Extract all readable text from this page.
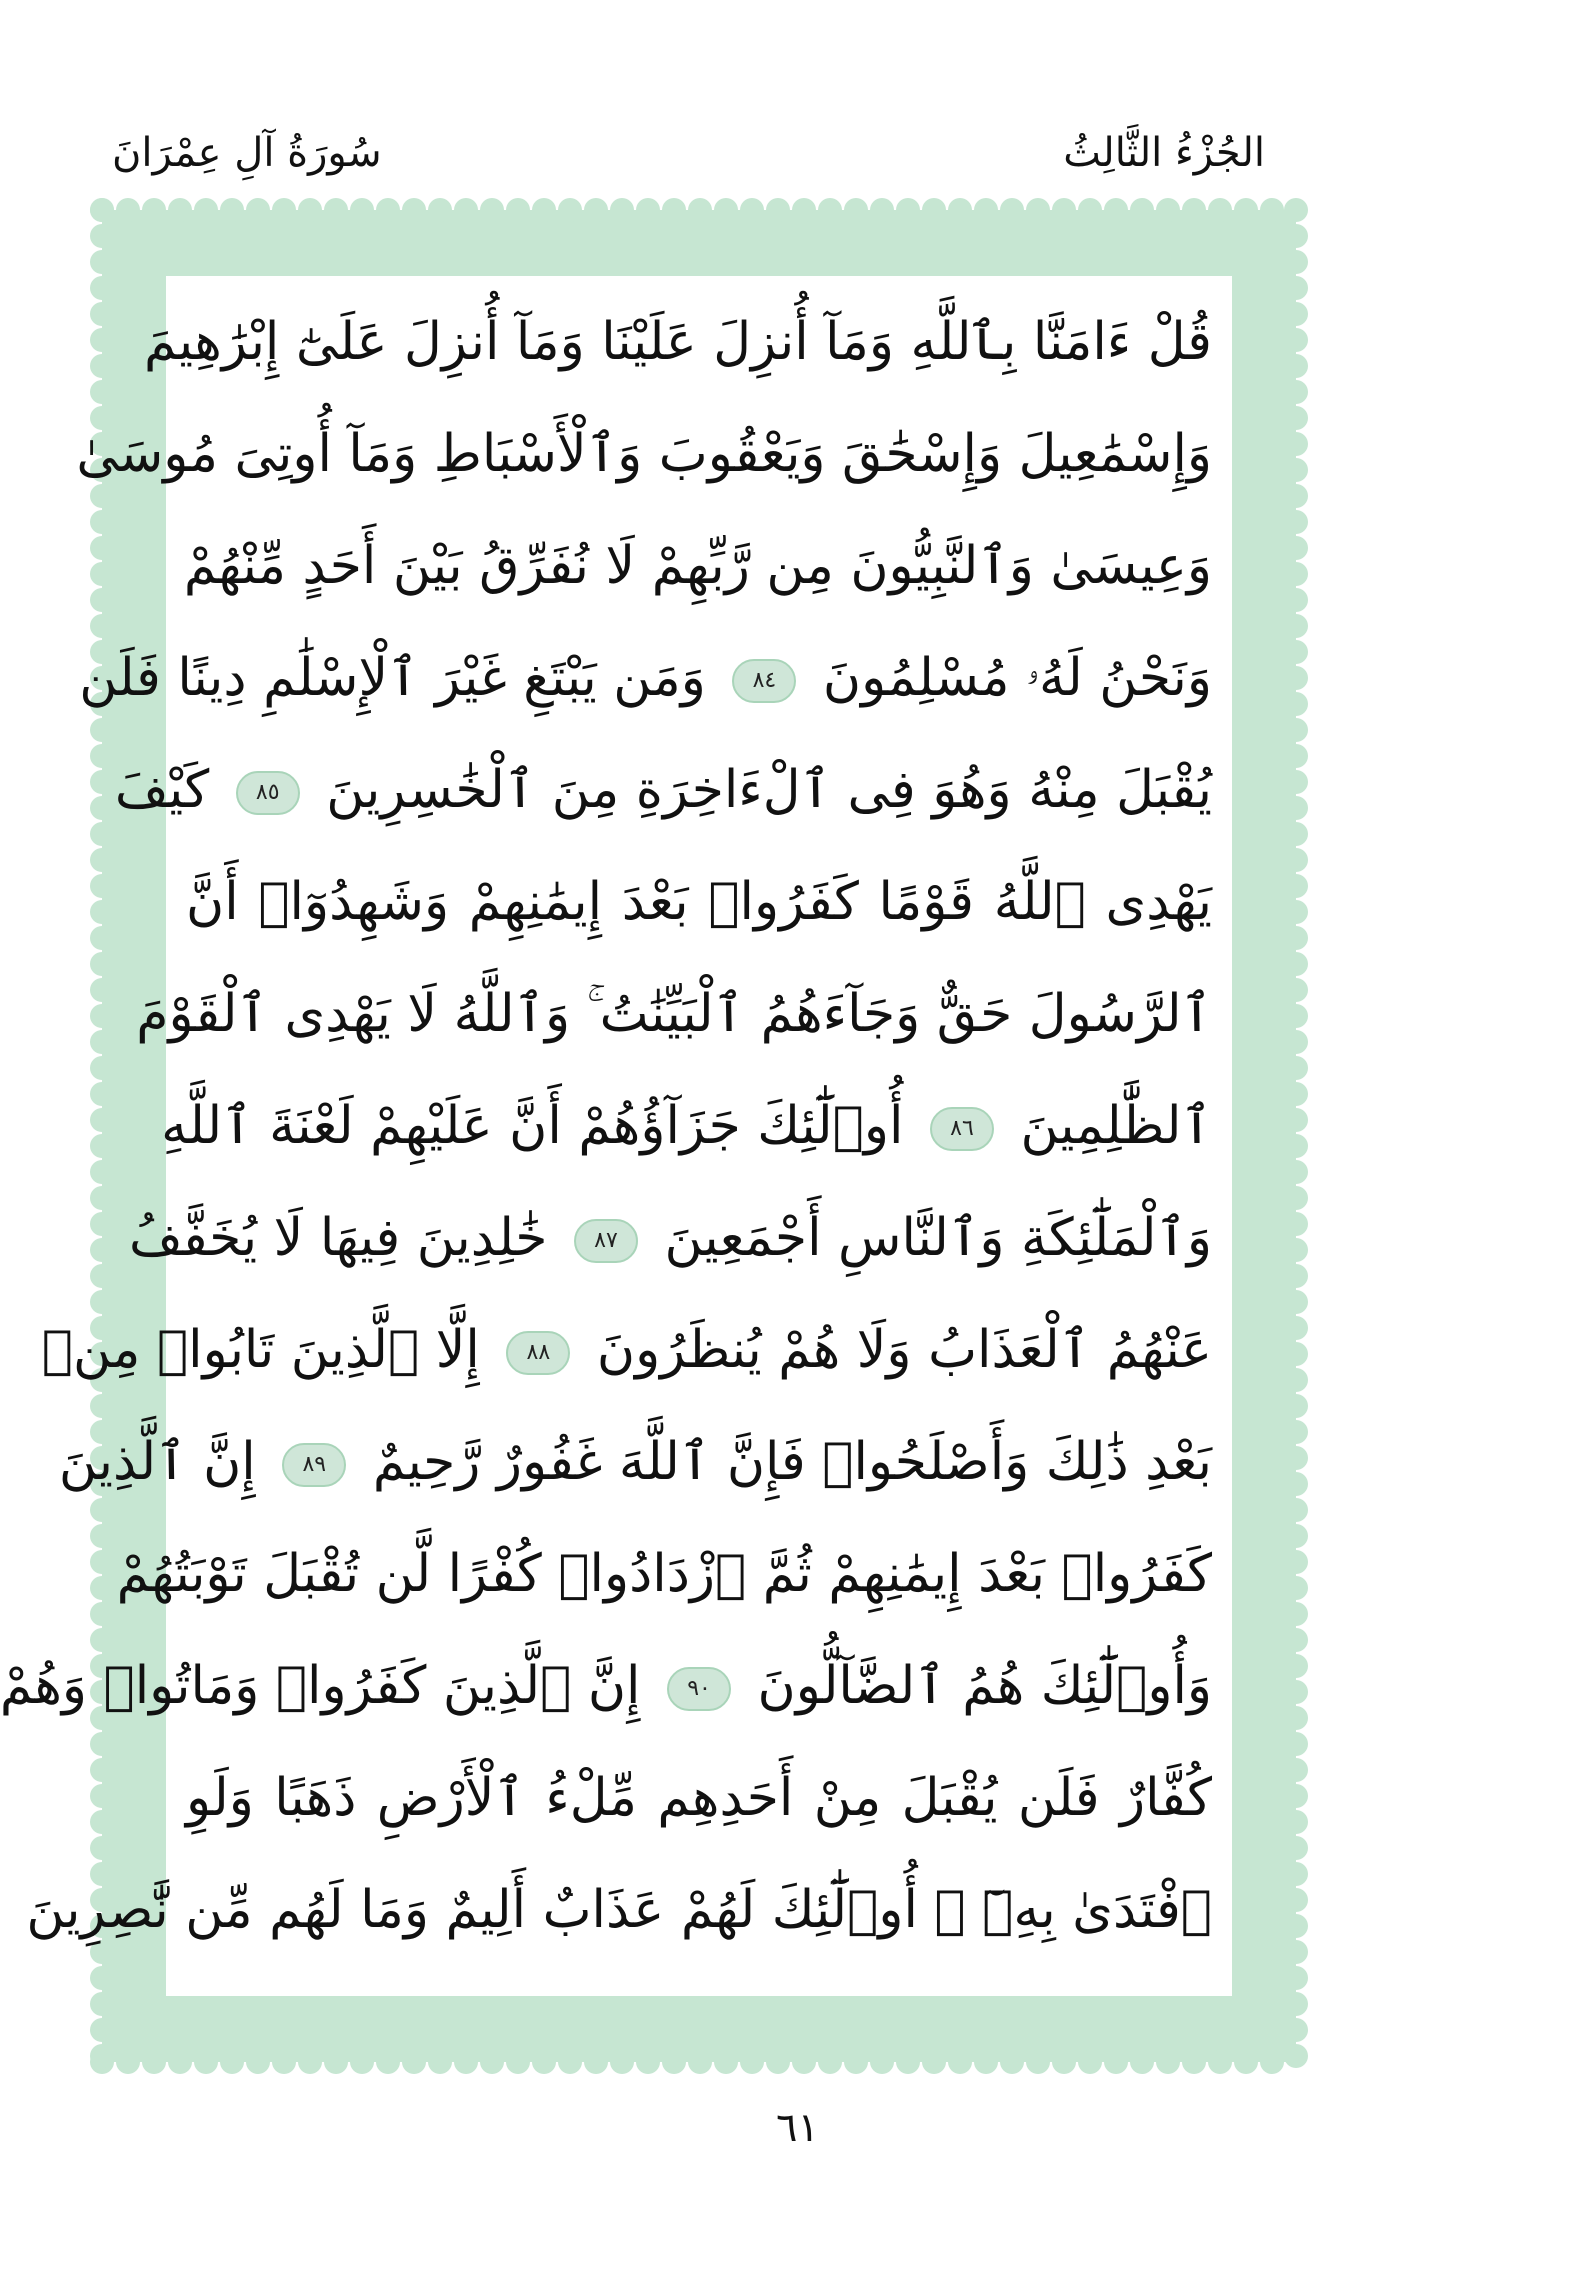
الجُزْءُ الثَّالِثُ
سُورَةُ آلِ عِمْرَانَ
قُلْ ءَامَنَّا بِٱللَّهِ وَمَآ أُنزِلَ عَلَيْنَا وَمَآ أُنزِلَ عَلَىٰٓ إِبْرَٰهِيمَ
وَإِسْمَٰعِيلَ وَإِسْحَٰقَ وَيَعْقُوبَ وَٱلْأَسْبَاطِ وَمَآ أُوتِىَ مُوسَىٰ
وَعِيسَىٰ وَٱلنَّبِيُّونَ مِن رَّبِّهِمْ لَا نُفَرِّقُ بَيْنَ أَحَدٍ مِّنْهُمْ
وَنَحْنُ لَهُۥ مُسْلِمُونَ ٨٤ وَمَن يَبْتَغِ غَيْرَ ٱلْإِسْلَٰمِ دِينًا فَلَن
يُقْبَلَ مِنْهُ وَهُوَ فِى ٱلْءَاخِرَةِ مِنَ ٱلْخَٰسِرِينَ ٨٥ كَيْفَ
يَهْدِى ٱللَّهُ قَوْمًا كَفَرُوا۟ بَعْدَ إِيمَٰنِهِمْ وَشَهِدُوٓا۟ أَنَّ
ٱلرَّسُولَ حَقٌّ وَجَآءَهُمُ ٱلْبَيِّنَٰتُ ۚ وَٱللَّهُ لَا يَهْدِى ٱلْقَوْمَ
ٱلظَّٰلِمِينَ ٨٦ أُو۟لَٰٓئِكَ جَزَآؤُهُمْ أَنَّ عَلَيْهِمْ لَعْنَةَ ٱللَّهِ
وَٱلْمَلَٰٓئِكَةِ وَٱلنَّاسِ أَجْمَعِينَ ٨٧ خَٰلِدِينَ فِيهَا لَا يُخَفَّفُ
عَنْهُمُ ٱلْعَذَابُ وَلَا هُمْ يُنظَرُونَ ٨٨ إِلَّا ٱلَّذِينَ تَابُوا۟ مِنۢ
بَعْدِ ذَٰلِكَ وَأَصْلَحُوا۟ فَإِنَّ ٱللَّهَ غَفُورٌ رَّحِيمٌ ٨٩ إِنَّ ٱلَّذِينَ
كَفَرُوا۟ بَعْدَ إِيمَٰنِهِمْ ثُمَّ ٱزْدَادُوا۟ كُفْرًا لَّن تُقْبَلَ تَوْبَتُهُمْ
وَأُو۟لَٰٓئِكَ هُمُ ٱلضَّآلُّونَ ٩٠ إِنَّ ٱلَّذِينَ كَفَرُوا۟ وَمَاتُوا۟ وَهُمْ
كُفَّارٌ فَلَن يُقْبَلَ مِنْ أَحَدِهِم مِّلْءُ ٱلْأَرْضِ ذَهَبًا وَلَوِ
ٱفْتَدَىٰ بِهِۦٓ ۗ أُو۟لَٰٓئِكَ لَهُمْ عَذَابٌ أَلِيمٌ وَمَا لَهُم مِّن نَّٰصِرِينَ
٦١
